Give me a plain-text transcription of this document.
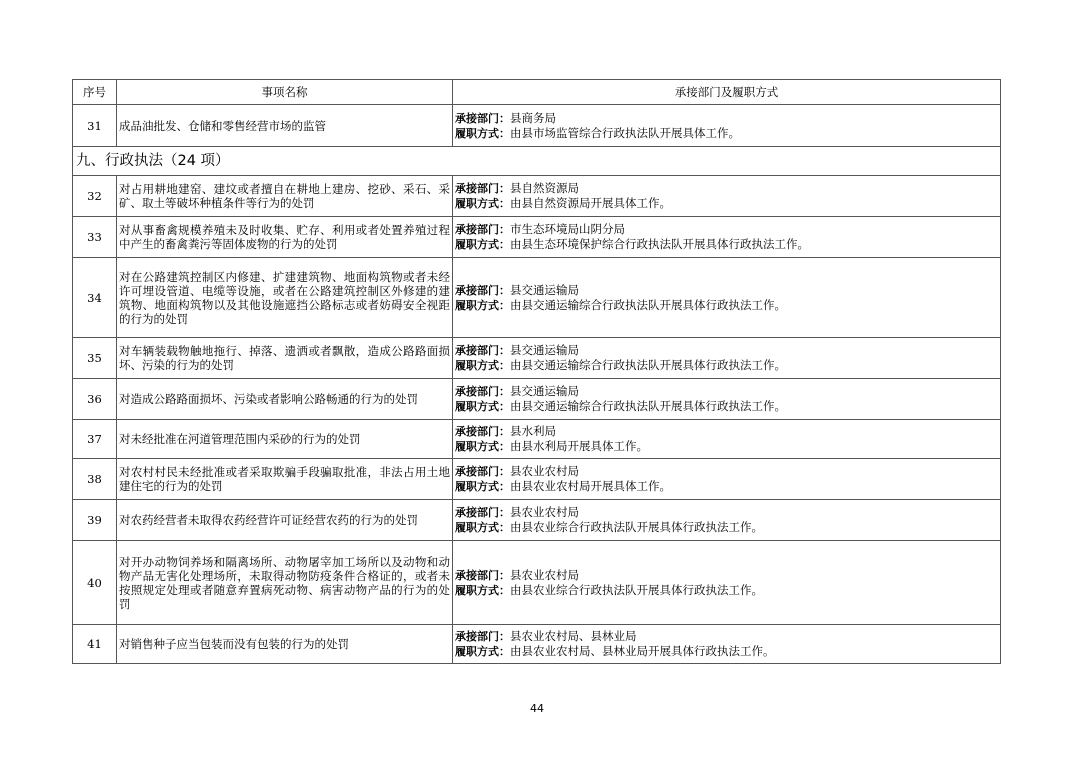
序号	事项名称	承接部门及履职方式
31	成品油批发、仓储和零售经营市场的监管	承接部门：县商务局
履职方式：由县市场监管综合行政执法队开展具体工作。

九、行政执法（24 项）		
32	对占用耕地建窑、建坟或者擅自在耕地上建房、挖砂、采石、采矿、取土等破坏种植条件等行为的处罚	承接部门：县自然资源局
履职方式：由县自然资源局开展具体工作。

33	对从事畜禽规模养殖未及时收集、贮存、利用或者处置养殖过程中产生的畜禽粪污等固体废物的行为的处罚	承接部门：市生态环境局山阴分局
履职方式：由县生态环境保护综合行政执法队开展具体行政执法工作。

34	对在公路建筑控制区内修建、扩建建筑物、地面构筑物或者未经许可埋设管道、电缆等设施，或者在公路建筑控制区外修建的建筑物、地面构筑物以及其他设施遮挡公路标志或者妨碍安全视距的行为的处罚	承接部门：县交通运输局
履职方式：由县交通运输综合行政执法队开展具体行政执法工作。

35	对车辆装载物触地拖行、掉落、遗洒或者飘散，造成公路路面损坏、污染的行为的处罚	承接部门：县交通运输局
履职方式：由县交通运输综合行政执法队开展具体行政执法工作。

36	对造成公路路面损坏、污染或者影响公路畅通的行为的处罚	承接部门：县交通运输局
履职方式：由县交通运输综合行政执法队开展具体行政执法工作。

37	对未经批准在河道管理范围内采砂的行为的处罚	承接部门：县水利局
履职方式：由县水利局开展具体工作。

38	对农村村民未经批准或者采取欺骗手段骗取批准，非法占用土地建住宅的行为的处罚	承接部门：县农业农村局
履职方式：由县农业农村局开展具体工作。

39	对农药经营者未取得农药经营许可证经营农药的行为的处罚	承接部门：县农业农村局
履职方式：由县农业综合行政执法队开展具体行政执法工作。

40	对开办动物饲养场和隔离场所、动物屠宰加工场所以及动物和动物产品无害化处理场所，未取得动物防疫条件合格证的，或者未按照规定处理或者随意弃置病死动物、病害动物产品的行为的处罚	承接部门：县农业农村局
履职方式：由县农业综合行政执法队开展具体行政执法工作。

41	对销售种子应当包装而没有包装的行为的处罚	承接部门：县农业农村局、县林业局
履职方式：由县农业农村局、县林业局开展具体行政执法工作。
44
